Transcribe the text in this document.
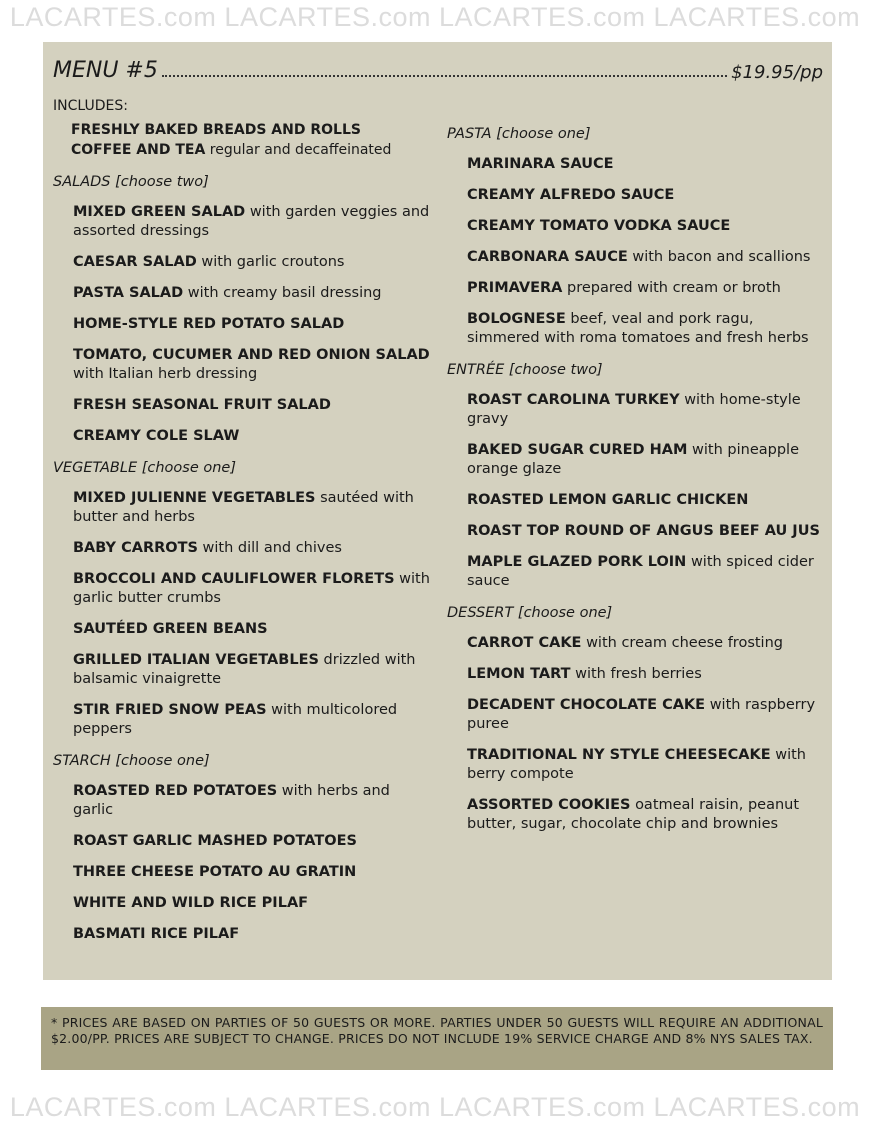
LACARTES.com LACARTES.com LACARTES.com LACARTES.com
MENU #5	$19.95/pp
INCLUDES:
FRESHLY BAKED BREADS AND ROLLS
COFFEE AND TEA regular and decaffeinated
SALADS [choose two]
MIXED GREEN SALAD with garden veggies and assorted dressings
CAESAR SALAD with garlic croutons
PASTA SALAD with creamy basil dressing
HOME-STYLE RED POTATO SALAD
TOMATO, CUCUMER AND RED ONION SALAD with Italian herb dressing
FRESH SEASONAL FRUIT SALAD
CREAMY COLE SLAW
VEGETABLE [choose one]
MIXED JULIENNE VEGETABLES sautéed with butter and herbs
BABY CARROTS with dill and chives
BROCCOLI AND CAULIFLOWER FLORETS with garlic butter crumbs
SAUTÉED GREEN BEANS
GRILLED ITALIAN VEGETABLES drizzled with balsamic vinaigrette
STIR FRIED SNOW PEAS with multicolored peppers
STARCH [choose one]
ROASTED RED POTATOES with herbs and garlic
ROAST GARLIC MASHED POTATOES
THREE CHEESE POTATO AU GRATIN
WHITE AND WILD RICE PILAF
BASMATI RICE PILAF
PASTA [choose one]
MARINARA SAUCE
CREAMY ALFREDO SAUCE
CREAMY TOMATO VODKA SAUCE
CARBONARA SAUCE with bacon and scallions
PRIMAVERA prepared with cream or broth
BOLOGNESE beef, veal and pork ragu, simmered with roma tomatoes and fresh herbs
ENTRÉE [choose two]
ROAST CAROLINA TURKEY with home-style gravy
BAKED SUGAR CURED HAM with pineapple orange glaze
ROASTED LEMON GARLIC CHICKEN
ROAST TOP ROUND OF ANGUS BEEF AU JUS
MAPLE GLAZED PORK LOIN with spiced cider sauce
DESSERT [choose one]
CARROT CAKE with cream cheese frosting
LEMON TART with fresh berries
DECADENT CHOCOLATE CAKE with raspberry puree
TRADITIONAL NY STYLE CHEESECAKE with berry compote
ASSORTED COOKIES oatmeal raisin, peanut butter, sugar, chocolate chip and brownies
* PRICES ARE BASED ON PARTIES OF 50 GUESTS OR MORE. PARTIES UNDER 50 GUESTS WILL REQUIRE AN ADDITIONAL $2.00/PP. PRICES ARE SUBJECT TO CHANGE. PRICES DO NOT INCLUDE 19% SERVICE CHARGE AND 8% NYS SALES TAX.
LACARTES.com LACARTES.com LACARTES.com LACARTES.com
